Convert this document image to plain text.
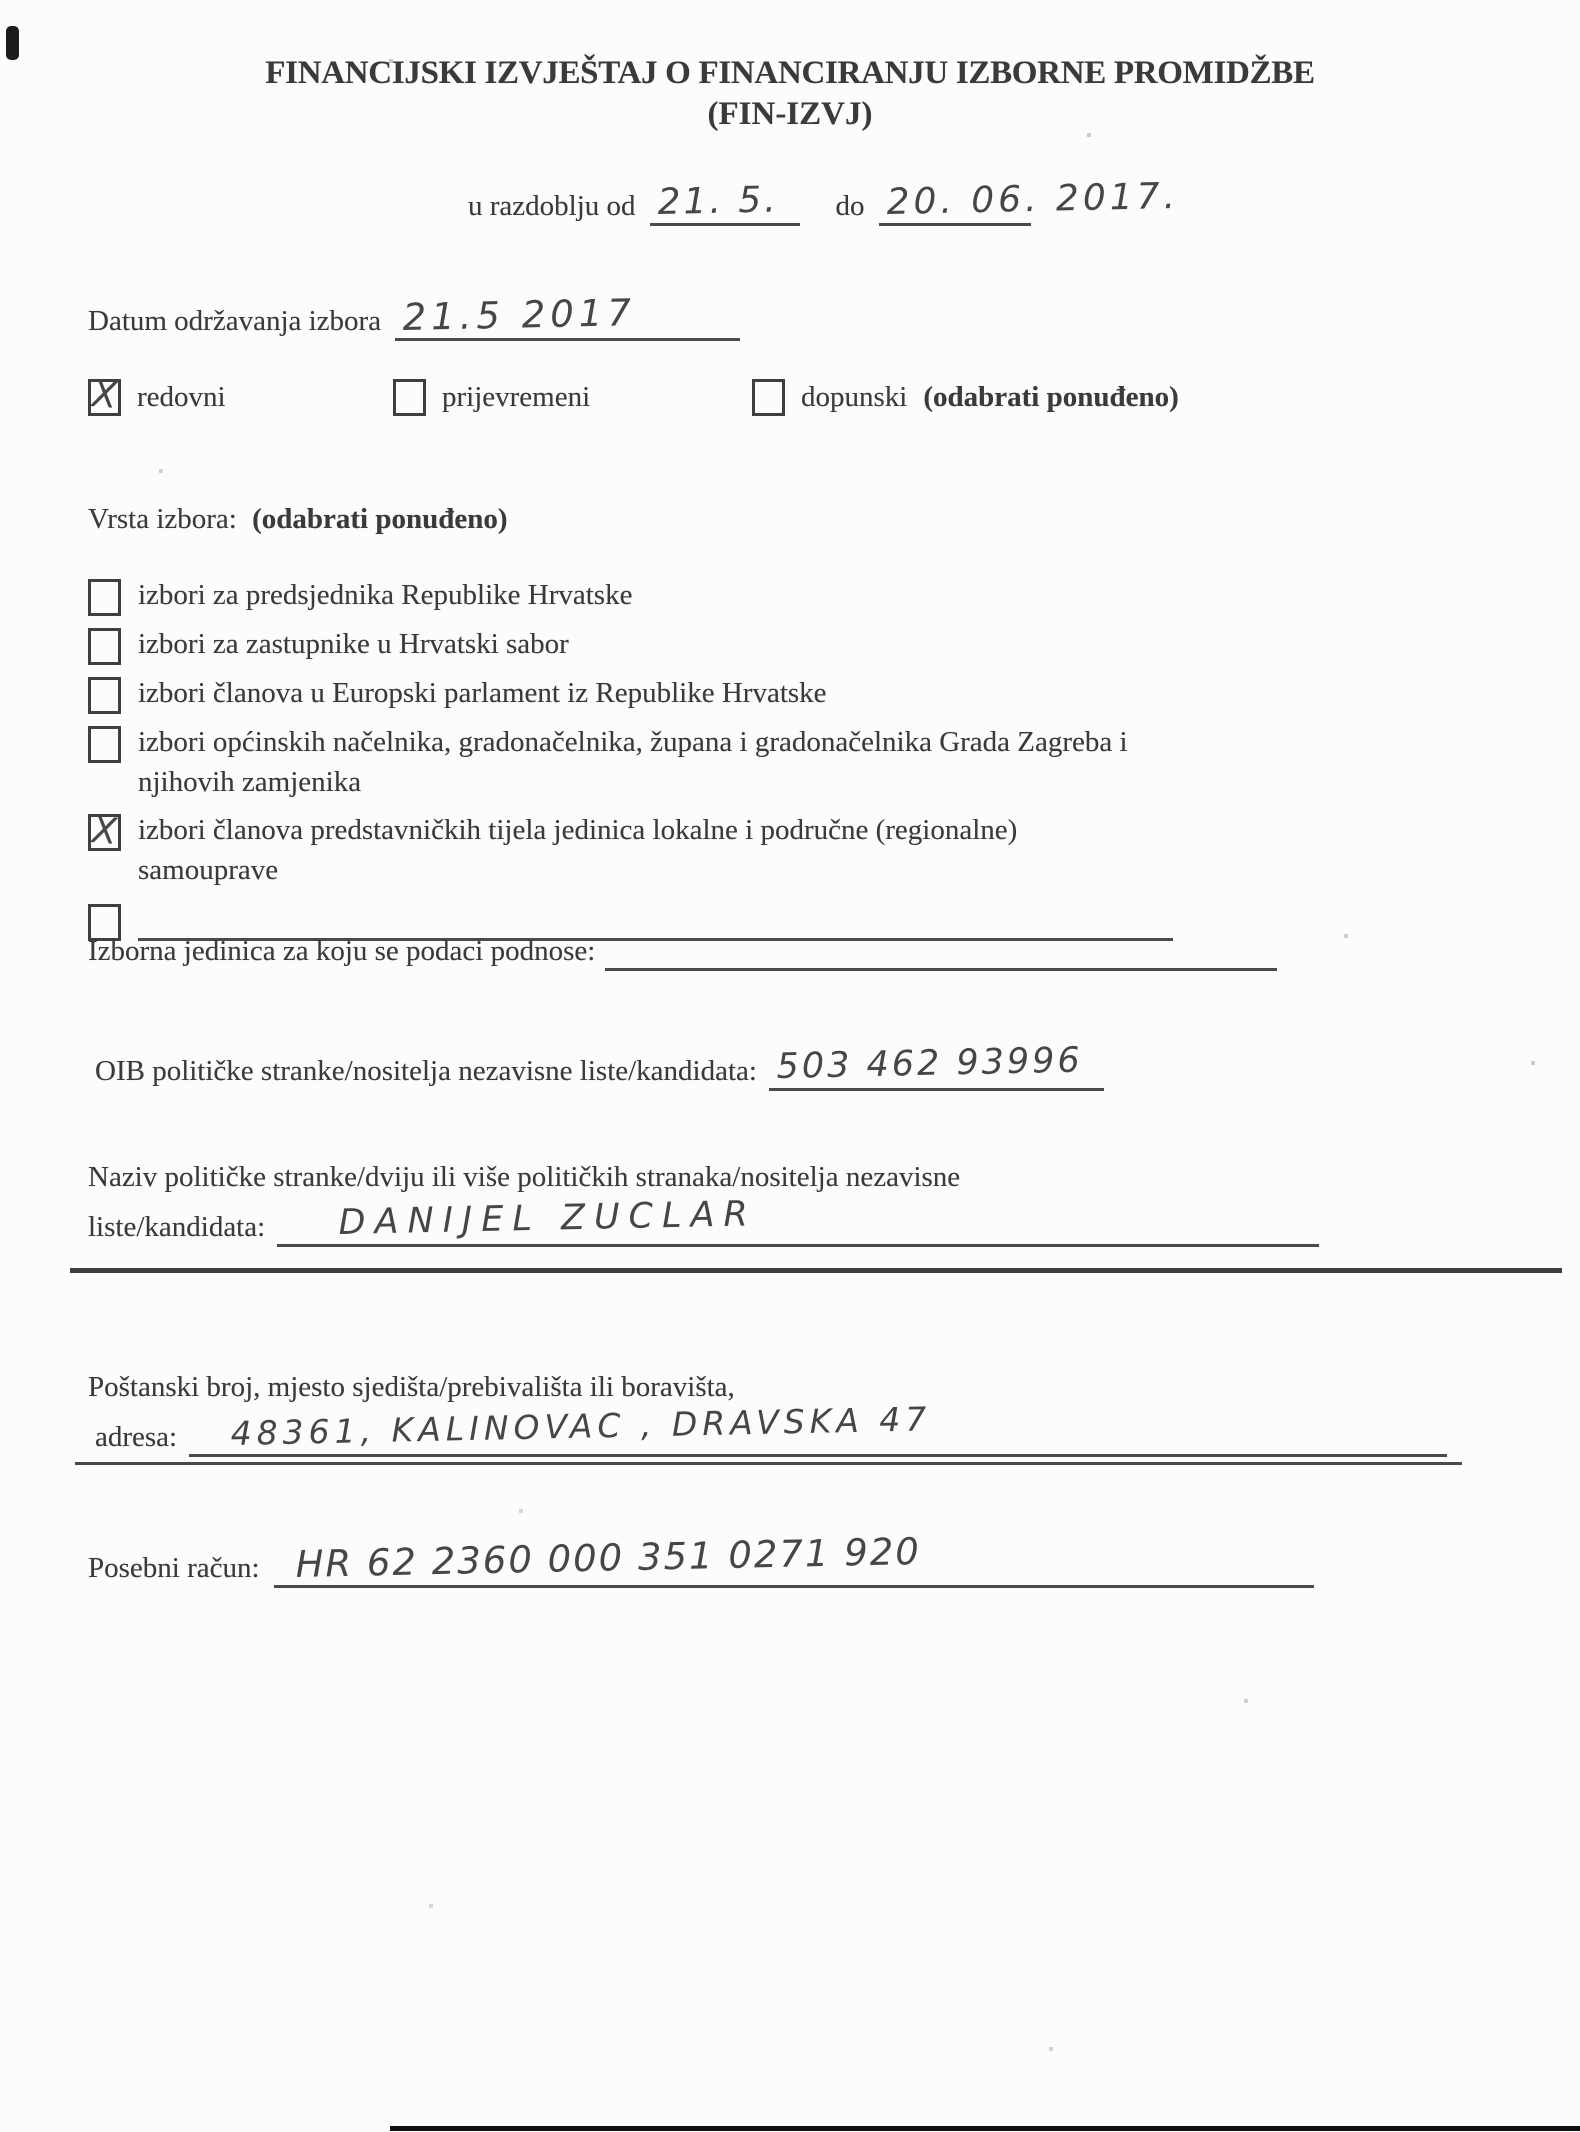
FINANCIJSKI IZVJEŠTAJ O FINANCIRANJU IZBORNE PROMIDŽBE
(FIN-IZVJ)
u razdoblju od 21. 5. do 20. 06. 2017.
Datum održavanja izbora 21.5 2017
X redovni	prijevremeni	dopunski (odabrati ponuđeno)
Vrsta izbora: (odabrati ponuđeno)
izbori za predsjednika Republike Hrvatske
izbori za zastupnike u Hrvatski sabor
izbori članova u Europski parlament iz Republike Hrvatske
izbori općinskih načelnika, gradonačelnika, župana i gradonačelnika Grada Zagreba i njihovih zamjenika
X izbori članova predstavničkih tijela jedinica lokalne i područne (regionalne) samouprave
Izborna jedinica za koju se podaci podnose:
OIB političke stranke/nositelja nezavisne liste/kandidata: 503 462 93996
Naziv političke stranke/dviju ili više političkih stranaka/nositelja nezavisne
liste/kandidata: DANIJEL ZUCLAR
Poštanski broj, mjesto sjedišta/prebivališta ili boravišta,
adresa: 48361, KALINOVAC , DRAVSKA 47
Posebni račun: HR 62 2360 000 351 0271 920
